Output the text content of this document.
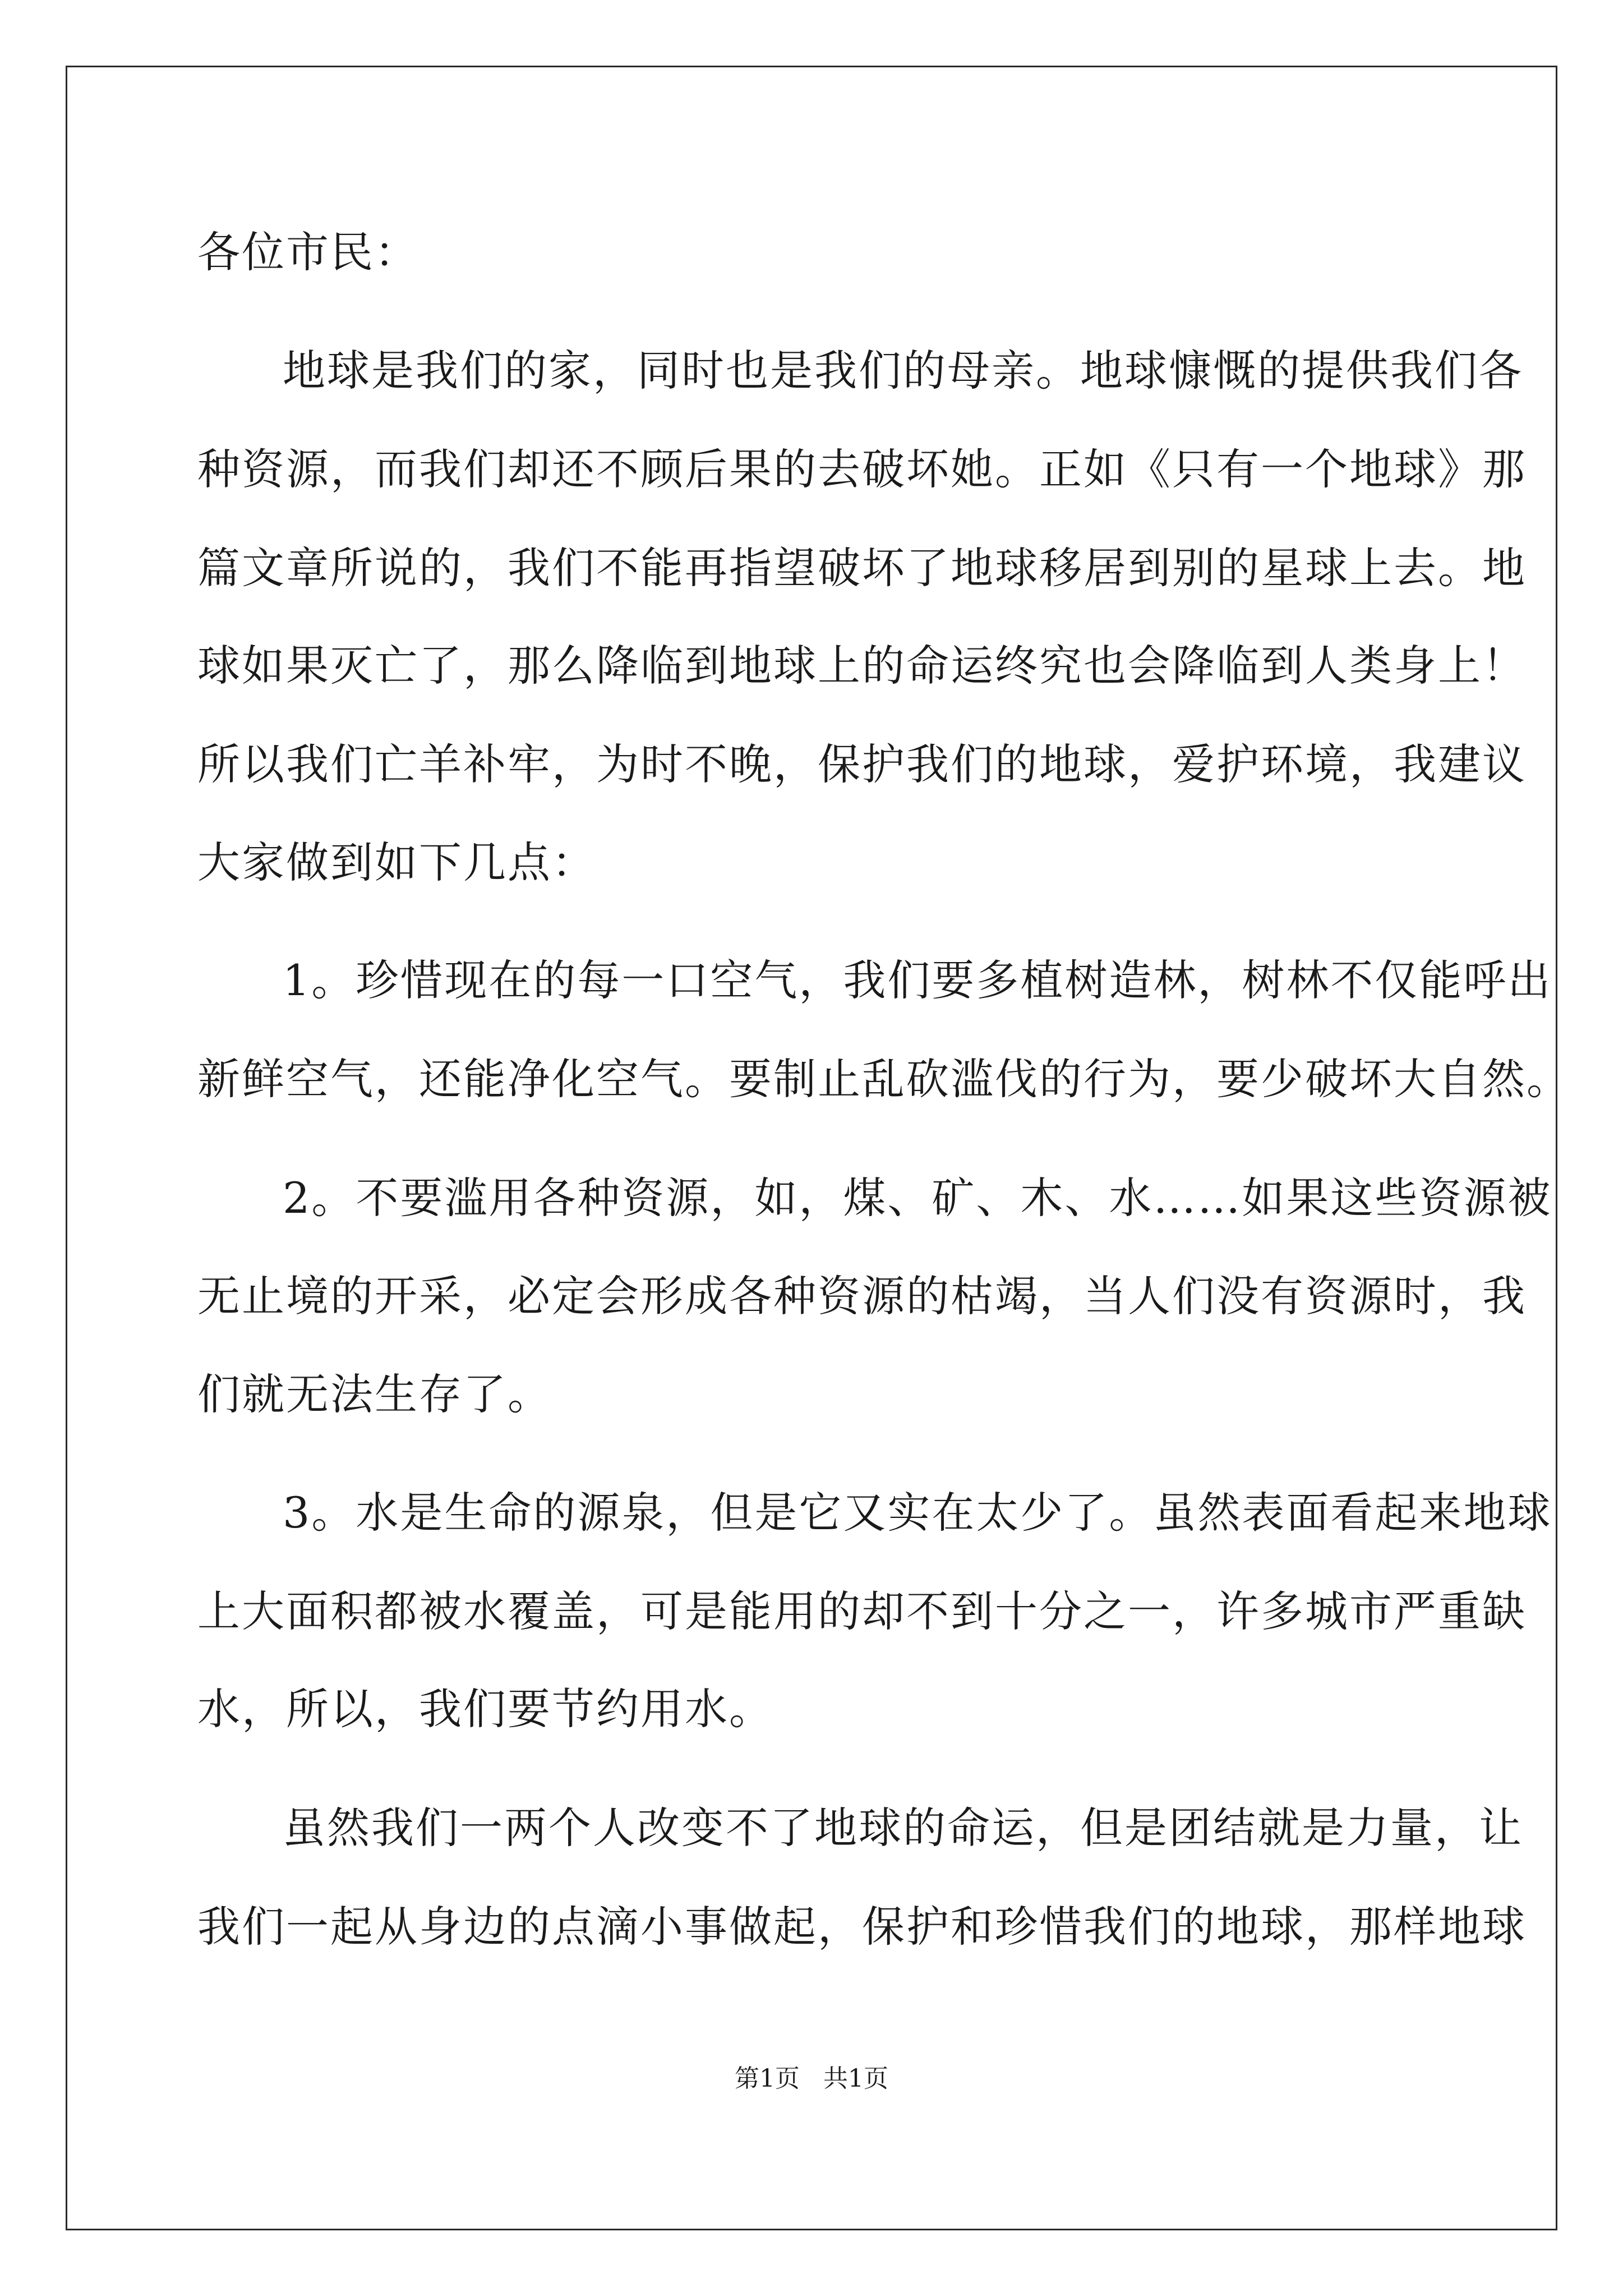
各位市民：
地球是我们的家，同时也是我们的母亲。地球慷慨的提供我们各
种资源，而我们却还不顾后果的去破坏她。正如《只有一个地球》那
篇文章所说的，我们不能再指望破坏了地球移居到别的星球上去。地
球如果灭亡了，那么降临到地球上的命运终究也会降临到人类身上！
所以我们亡羊补牢，为时不晚，保护我们的地球，爱护环境，我建议
大家做到如下几点：
1。珍惜现在的每一口空气，我们要多植树造林，树林不仅能呼出
新鲜空气，还能净化空气。要制止乱砍滥伐的行为，要少破坏大自然。
2。不要滥用各种资源，如，煤、矿、木、水……如果这些资源被
无止境的开采，必定会形成各种资源的枯竭，当人们没有资源时，我
们就无法生存了。
3。水是生命的源泉，但是它又实在太少了。虽然表面看起来地球
上大面积都被水覆盖，可是能用的却不到十分之一，许多城市严重缺
水，所以，我们要节约用水。
虽然我们一两个人改变不了地球的命运，但是团结就是力量，让
我们一起从身边的点滴小事做起，保护和珍惜我们的地球，那样地球
第1页   共1页
